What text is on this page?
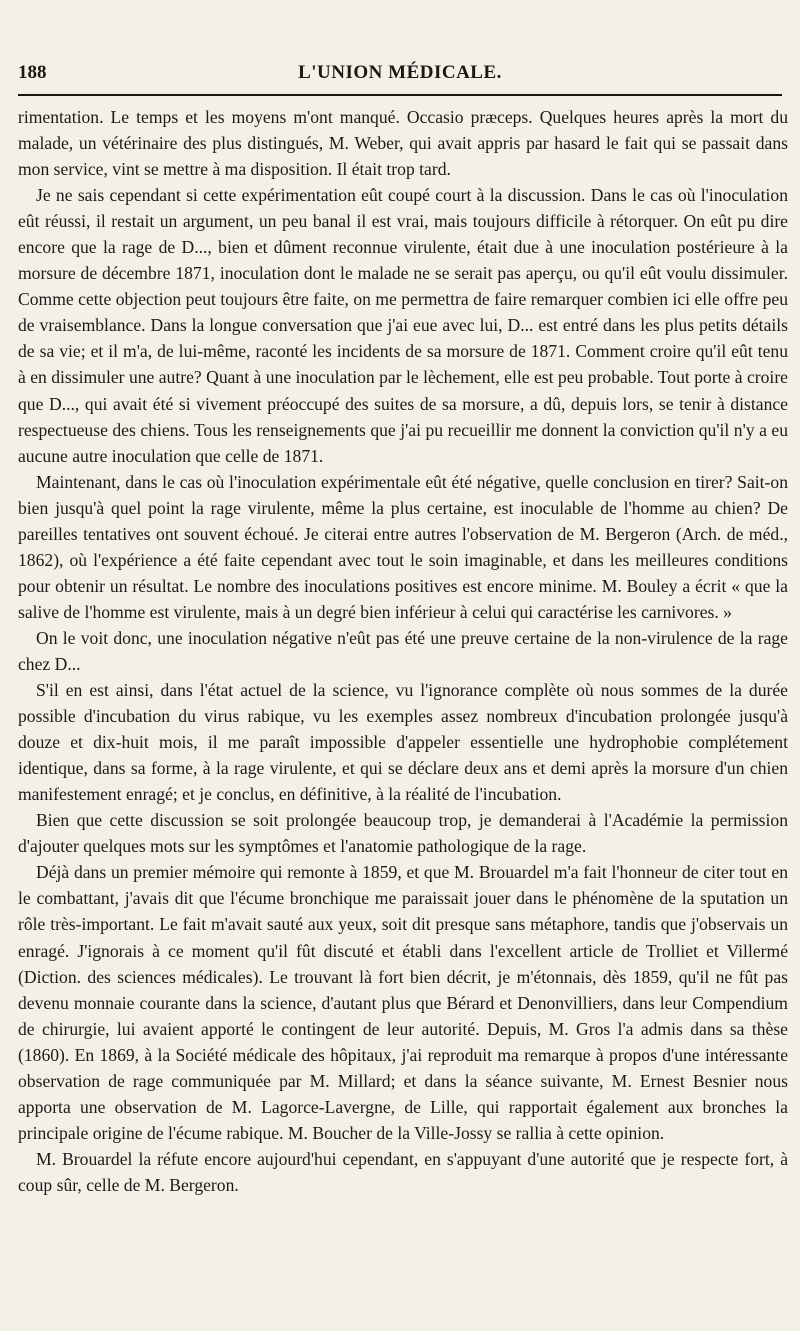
188	L'UNION MÉDICALE.

rimentation. Le temps et les moyens m'ont manqué. Occasio præceps. Quelques heures après la mort du malade, un vétérinaire des plus distingués, M. Weber, qui avait appris par hasard le fait qui se passait dans mon service, vint se mettre à ma disposition. Il était trop tard.

Je ne sais cependant si cette expérimentation eût coupé court à la discussion. Dans le cas où l'inoculation eût réussi, il restait un argument, un peu banal il est vrai, mais toujours difficile à rétorquer. On eût pu dire encore que la rage de D..., bien et dûment reconnue virulente, était due à une inoculation postérieure à la morsure de décembre 1871, inoculation dont le malade ne se serait pas aperçu, ou qu'il eût voulu dissimuler. Comme cette objection peut toujours être faite, on me permettra de faire remarquer combien ici elle offre peu de vraisemblance. Dans la longue conversation que j'ai eue avec lui, D... est entré dans les plus petits détails de sa vie; et il m'a, de lui-même, raconté les incidents de sa morsure de 1871. Comment croire qu'il eût tenu à en dissimuler une autre? Quant à une inoculation par le lèchement, elle est peu probable. Tout porte à croire que D..., qui avait été si vivement préoccupé des suites de sa morsure, a dû, depuis lors, se tenir à distance respectueuse des chiens. Tous les renseignements que j'ai pu recueillir me donnent la conviction qu'il n'y a eu aucune autre inoculation que celle de 1871.

Maintenant, dans le cas où l'inoculation expérimentale eût été négative, quelle conclusion en tirer? Sait-on bien jusqu'à quel point la rage virulente, même la plus certaine, est inoculable de l'homme au chien? De pareilles tentatives ont souvent échoué. Je citerai entre autres l'observation de M. Bergeron (Arch. de méd., 1862), où l'expérience a été faite cependant avec tout le soin imaginable, et dans les meilleures conditions pour obtenir un résultat. Le nombre des inoculations positives est encore minime. M. Bouley a écrit « que la salive de l'homme est virulente, mais à un degré bien inférieur à celui qui caractérise les carnivores. »

On le voit donc, une inoculation négative n'eût pas été une preuve certaine de la non-virulence de la rage chez D...

S'il en est ainsi, dans l'état actuel de la science, vu l'ignorance complète où nous sommes de la durée possible d'incubation du virus rabique, vu les exemples assez nombreux d'incubation prolongée jusqu'à douze et dix-huit mois, il me paraît impossible d'appeler essentielle une hydrophobie complétement identique, dans sa forme, à la rage virulente, et qui se déclare deux ans et demi après la morsure d'un chien manifestement enragé; et je conclus, en définitive, à la réalité de l'incubation.

Bien que cette discussion se soit prolongée beaucoup trop, je demanderai à l'Académie la permission d'ajouter quelques mots sur les symptômes et l'anatomie pathologique de la rage.

Déjà dans un premier mémoire qui remonte à 1859, et que M. Brouardel m'a fait l'honneur de citer tout en le combattant, j'avais dit que l'écume bronchique me paraissait jouer dans le phénomène de la sputation un rôle très-important. Le fait m'avait sauté aux yeux, soit dit presque sans métaphore, tandis que j'observais un enragé. J'ignorais à ce moment qu'il fût discuté et établi dans l'excellent article de Trolliet et Villermé (Diction. des sciences médicales). Le trouvant là fort bien décrit, je m'étonnais, dès 1859, qu'il ne fût pas devenu monnaie courante dans la science, d'autant plus que Bérard et Denonvilliers, dans leur Compendium de chirurgie, lui avaient apporté le contingent de leur autorité. Depuis, M. Gros l'a admis dans sa thèse (1860). En 1869, à la Société médicale des hôpitaux, j'ai reproduit ma remarque à propos d'une intéressante observation de rage communiquée par M. Millard; et dans la séance suivante, M. Ernest Besnier nous apporta une observation de M. Lagorce-Lavergne, de Lille, qui rapportait également aux bronches la principale origine de l'écume rabique. M. Boucher de la Ville-Jossy se rallia à cette opinion.

M. Brouardel la réfute encore aujourd'hui cependant, en s'appuyant d'une autorité que je respecte fort, à coup sûr, celle de M. Bergeron.
